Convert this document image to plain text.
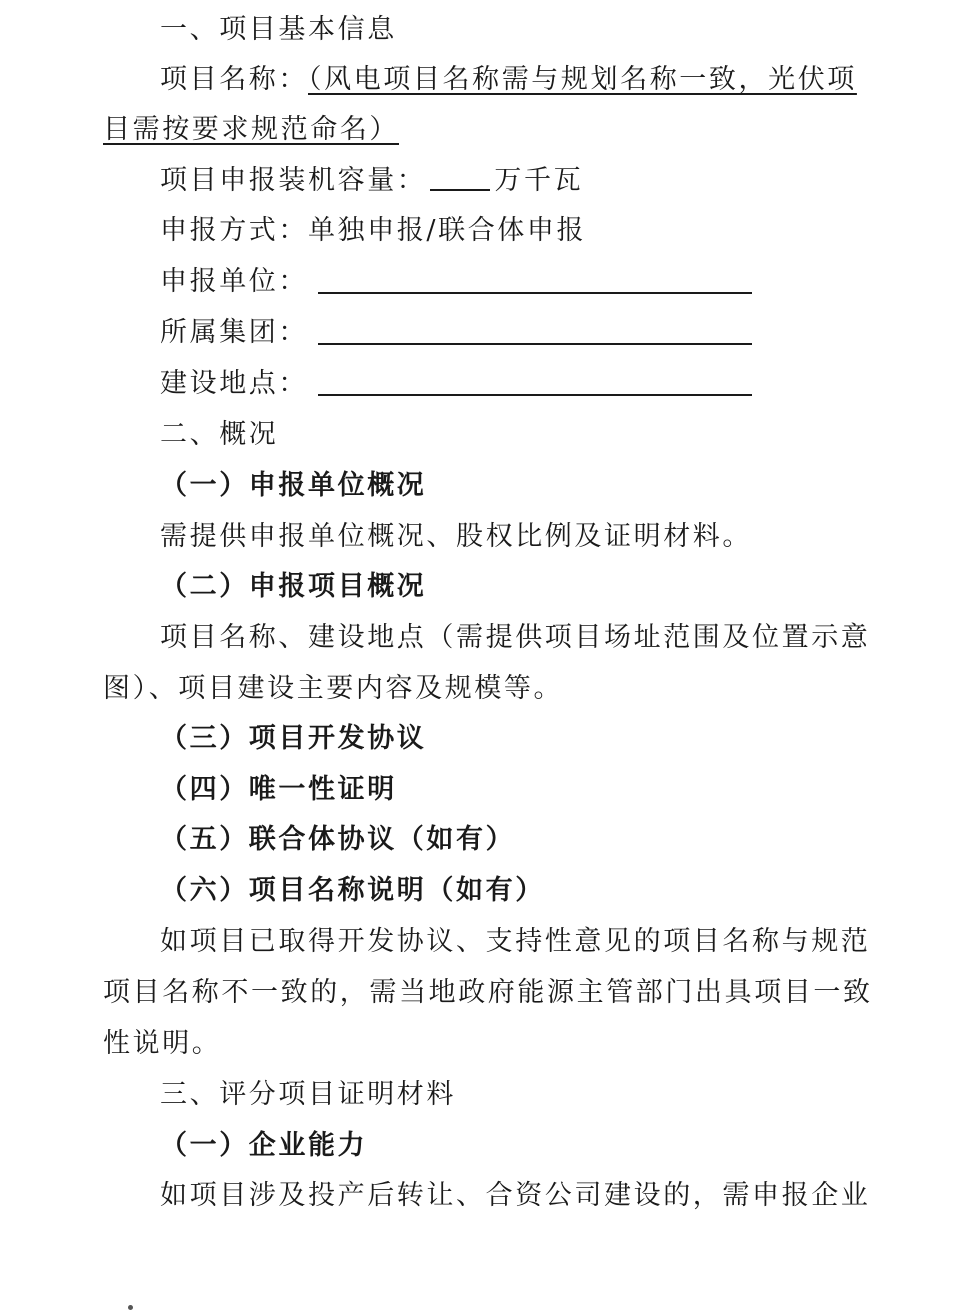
一、项目基本信息
项目名称：（风电项目名称需与规划名称一致，光伏项
目需按要求规范命名）
项目申报装机容量：	万千瓦
申报方式：单独申报/联合体申报
申报单位：
所属集团：
建设地点：
二、概况
（一）申报单位概况
需提供申报单位概况、股权比例及证明材料。
（二）申报项目概况
项目名称、建设地点（需提供项目场址范围及位置示意
图）、项目建设主要内容及规模等。
（三）项目开发协议
（四）唯一性证明
（五）联合体协议（如有）
（六）项目名称说明（如有）
如项目已取得开发协议、支持性意见的项目名称与规范
项目名称不一致的，需当地政府能源主管部门出具项目一致
性说明。
三、评分项目证明材料
（一）企业能力
如项目涉及投产后转让、合资公司建设的，需申报企业
